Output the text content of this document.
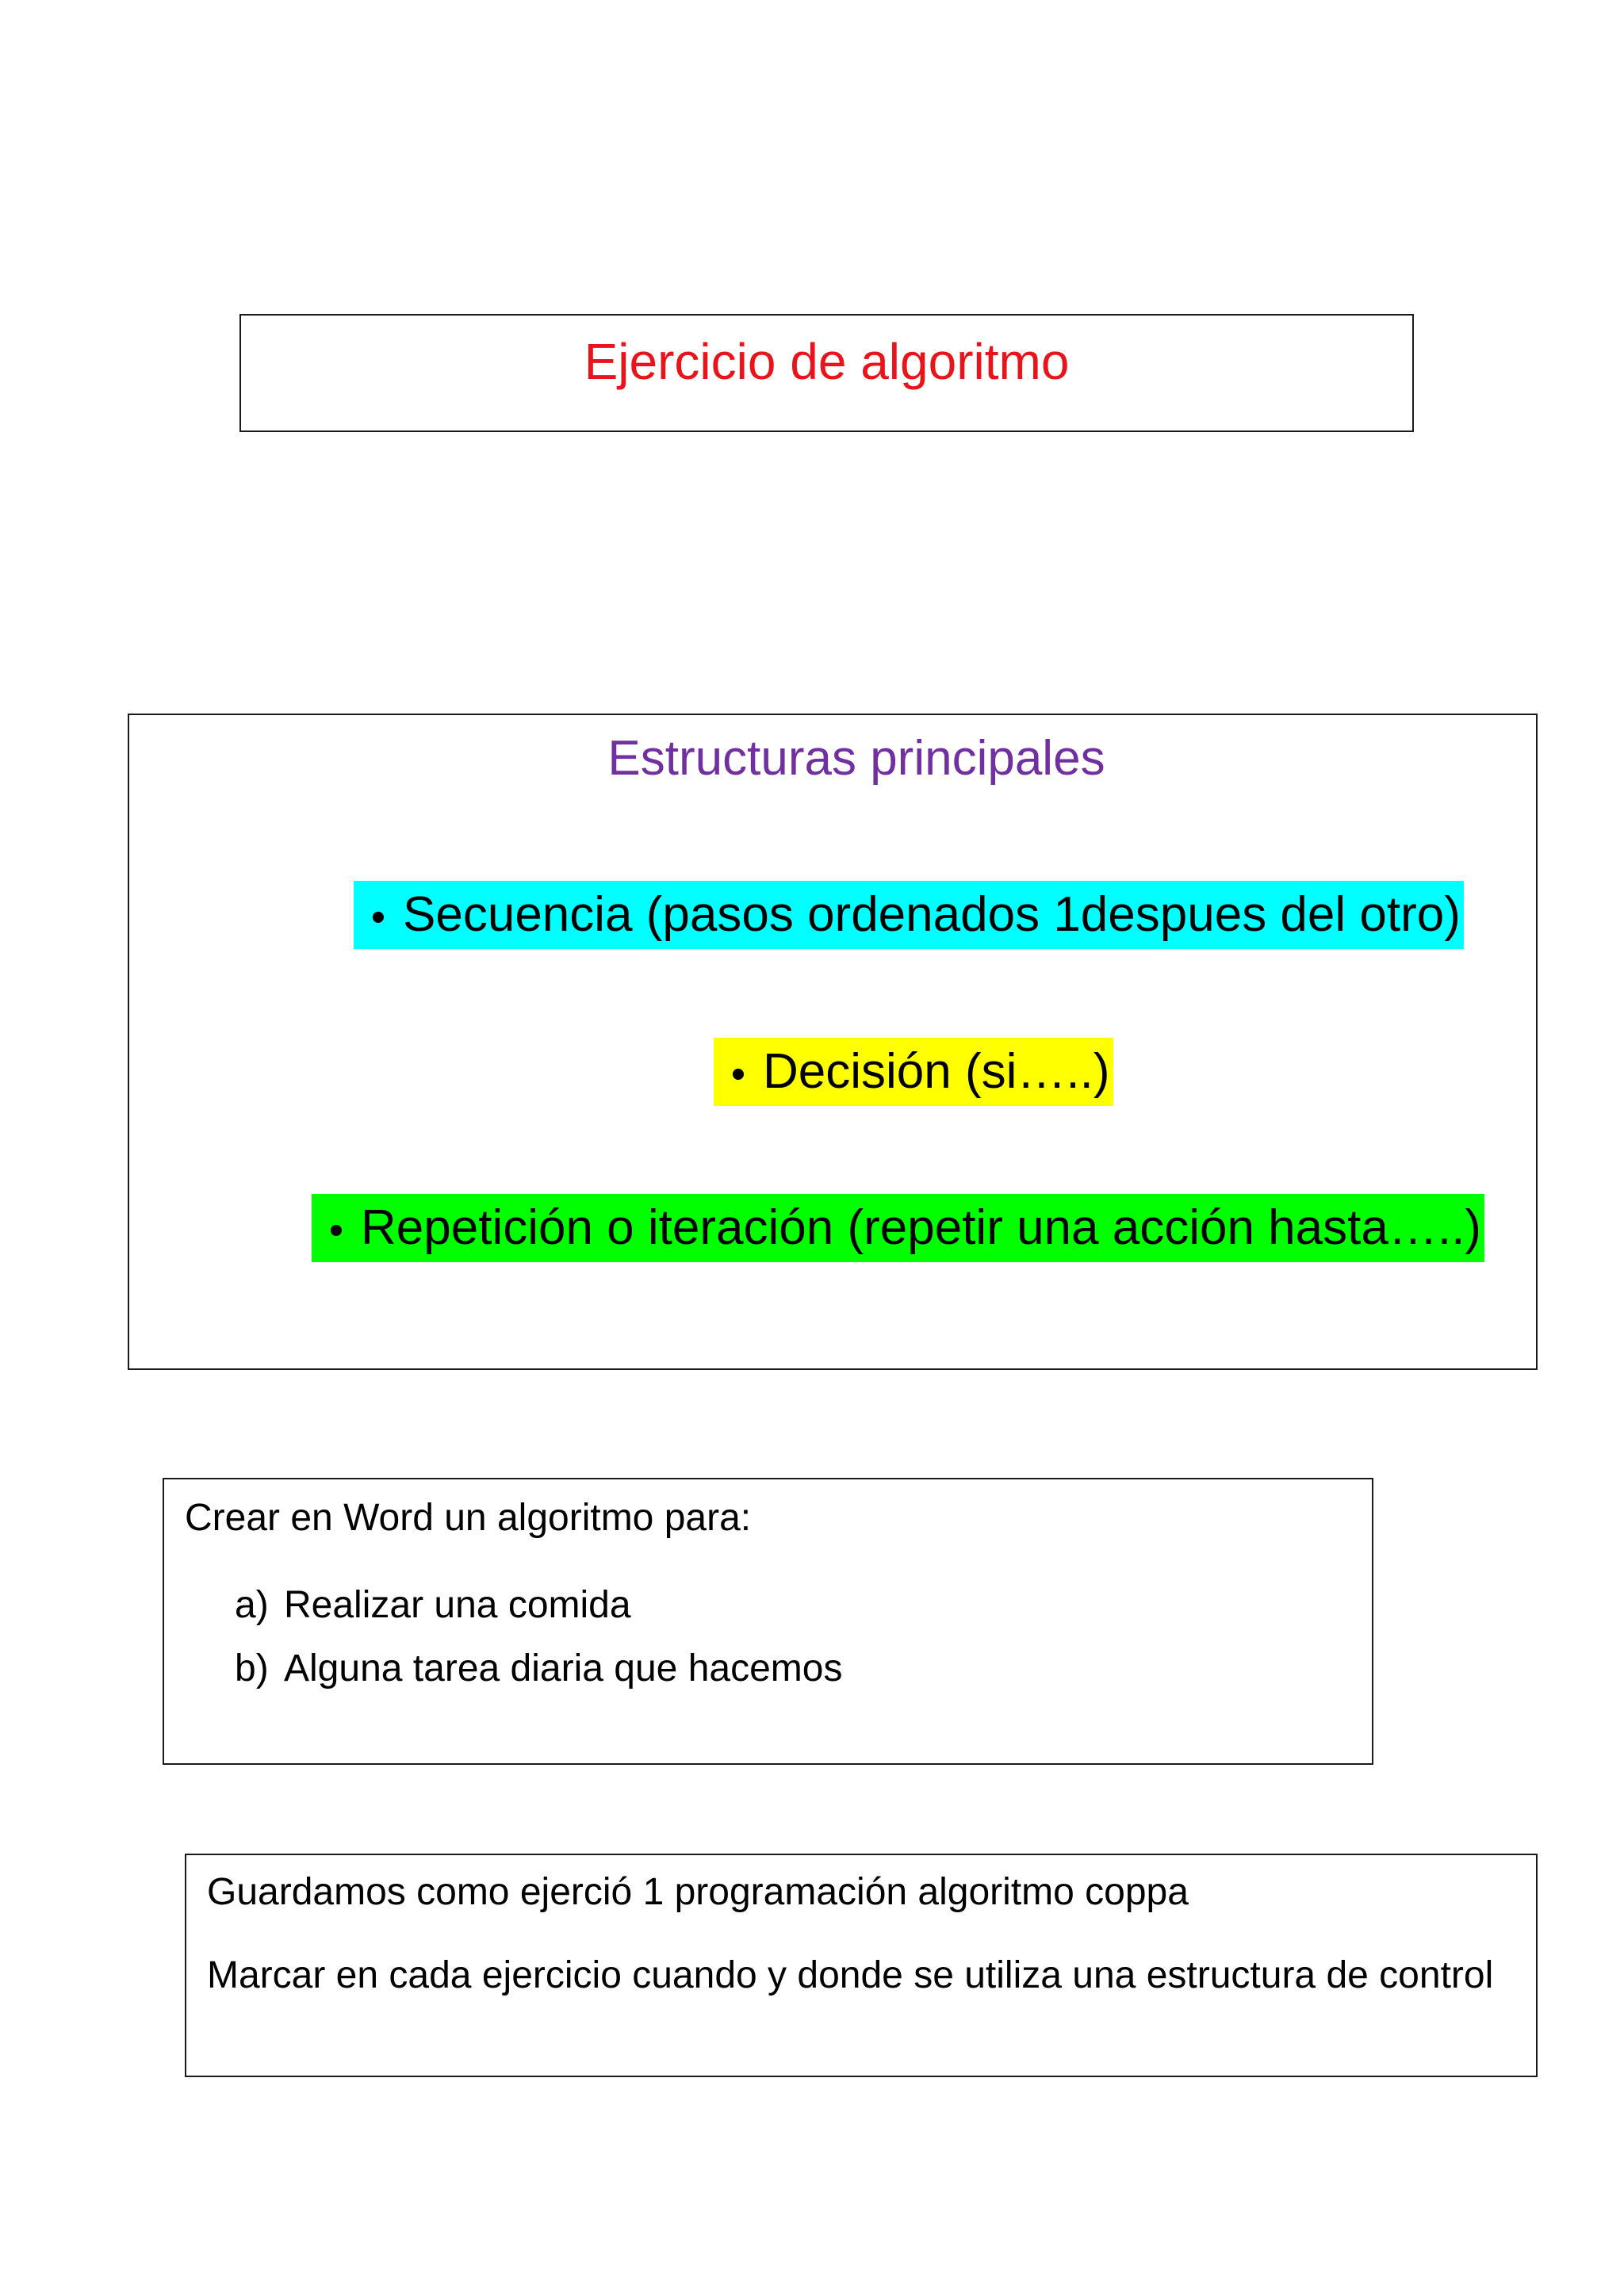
Ejercicio de algoritmo
Estructuras principales
• Secuencia (pasos ordenados 1despues del otro)
• Decisión (si…..)
• Repetición o iteración (repetir una acción hasta…..)
Crear en Word un algoritmo para:
a) Realizar una comida
b) Alguna tarea diaria que hacemos
Guardamos como ejerció 1 programación algoritmo coppa
Marcar en cada ejercicio cuando y donde se utiliza una estructura de control
